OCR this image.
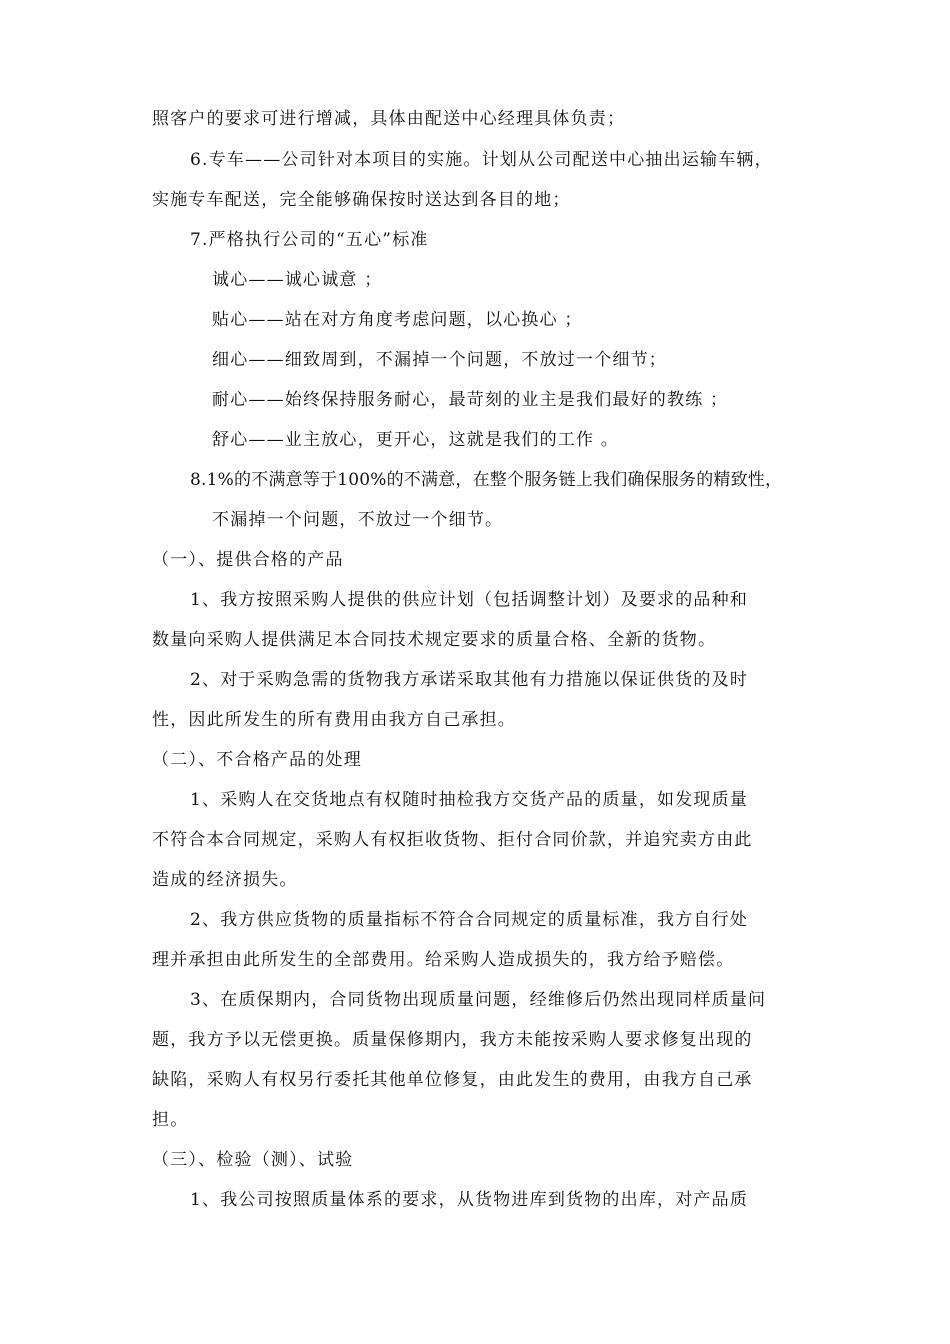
照客户的要求可进行增减，具体由配送中心经理具体负责；
6.专车——公司针对本项目的实施。计划从公司配送中心抽出运输车辆，
实施专车配送，完全能够确保按时送达到各目的地；
7.严格执行公司的“五心”标准
诚心——诚心诚意 ；
贴心——站在对方角度考虑问题，以心换心 ；
细心——细致周到，不漏掉一个问题，不放过一个细节；
耐心——始终保持服务耐心，最苛刻的业主是我们最好的教练 ；
舒心——业主放心，更开心，这就是我们的工作 。
8.1%的不满意等于100%的不满意，在整个服务链上我们确保服务的精致性，
不漏掉一个问题，不放过一个细节。
（一）、提供合格的产品
1、我方按照采购人提供的供应计划（包括调整计划）及要求的品种和
数量向采购人提供满足本合同技术规定要求的质量合格、全新的货物。
2、对于采购急需的货物我方承诺采取其他有力措施以保证供货的及时
性，因此所发生的所有费用由我方自己承担。
（二）、不合格产品的处理
1、采购人在交货地点有权随时抽检我方交货产品的质量，如发现质量
不符合本合同规定，采购人有权拒收货物、拒付合同价款，并追究卖方由此
造成的经济损失。
2、我方供应货物的质量指标不符合合同规定的质量标准，我方自行处
理并承担由此所发生的全部费用。给采购人造成损失的，我方给予赔偿。
3、在质保期内，合同货物出现质量问题，经维修后仍然出现同样质量问
题，我方予以无偿更换。质量保修期内，我方未能按采购人要求修复出现的
缺陷，采购人有权另行委托其他单位修复，由此发生的费用，由我方自己承
担。
（三）、检验（测）、试验
1、我公司按照质量体系的要求，从货物进库到货物的出库，对产品质
